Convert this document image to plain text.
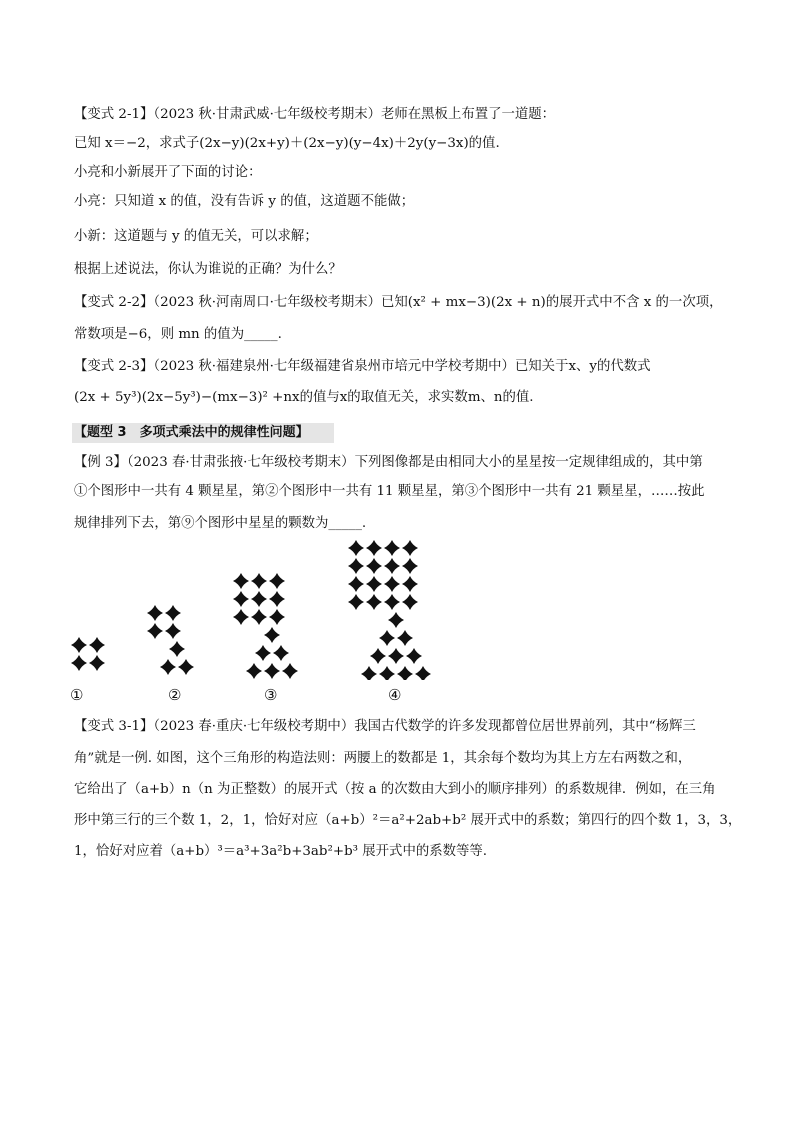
【变式 2-1】（2023 秋·甘肃武威·七年级校考期末）老师在黑板上布置了一道题：
已知 x＝−2，求式子(2x−y)(2x+y)＋(2x−y)(y−4x)＋2y(y−3x)的值.
小亮和小新展开了下面的讨论：
小亮：只知道 x 的值，没有告诉 y 的值，这道题不能做；
小新：这道题与 y 的值无关，可以求解；
根据上述说法，你认为谁说的正确？为什么？
【变式 2-2】（2023 秋·河南周口·七年级校考期末）已知(x² + mx−3)(2x + n)的展开式中不含 x 的一次项，
常数项是−6，则 mn 的值为_____.
【变式 2-3】（2023 秋·福建泉州·七年级福建省泉州市培元中学校考期中）已知关于x、y的代数式
(2x + 5y³)(2x−5y³)−(mx−3)² +nx的值与x的取值无关，求实数m、n的值.
【题型 3　多项式乘法中的规律性问题】
【例 3】（2023 春·甘肃张掖·七年级校考期末）下列图像都是由相同大小的星星按一定规律组成的，其中第
①个图形中一共有 4 颗星星，第②个图形中一共有 11 颗星星，第③个图形中一共有 21 颗星星，……按此
规律排列下去，第⑨个图形中星星的颗数为_____.
①	②	③	④
【变式 3-1】（2023 春·重庆·七年级校考期中）我国古代数学的许多发现都曾位居世界前列，其中“杨辉三
角”就是一例. 如图，这个三角形的构造法则：两腰上的数都是 1，其余每个数均为其上方左右两数之和，
它给出了（a+b）n（n 为正整数）的展开式（按 a 的次数由大到小的顺序排列）的系数规律．例如，在三角
形中第三行的三个数 1，2，1，恰好对应（a+b）²＝a²+2ab+b² 展开式中的系数；第四行的四个数 1，3，3，
1，恰好对应着（a+b）³＝a³+3a²b+3ab²+b³ 展开式中的系数等等.
